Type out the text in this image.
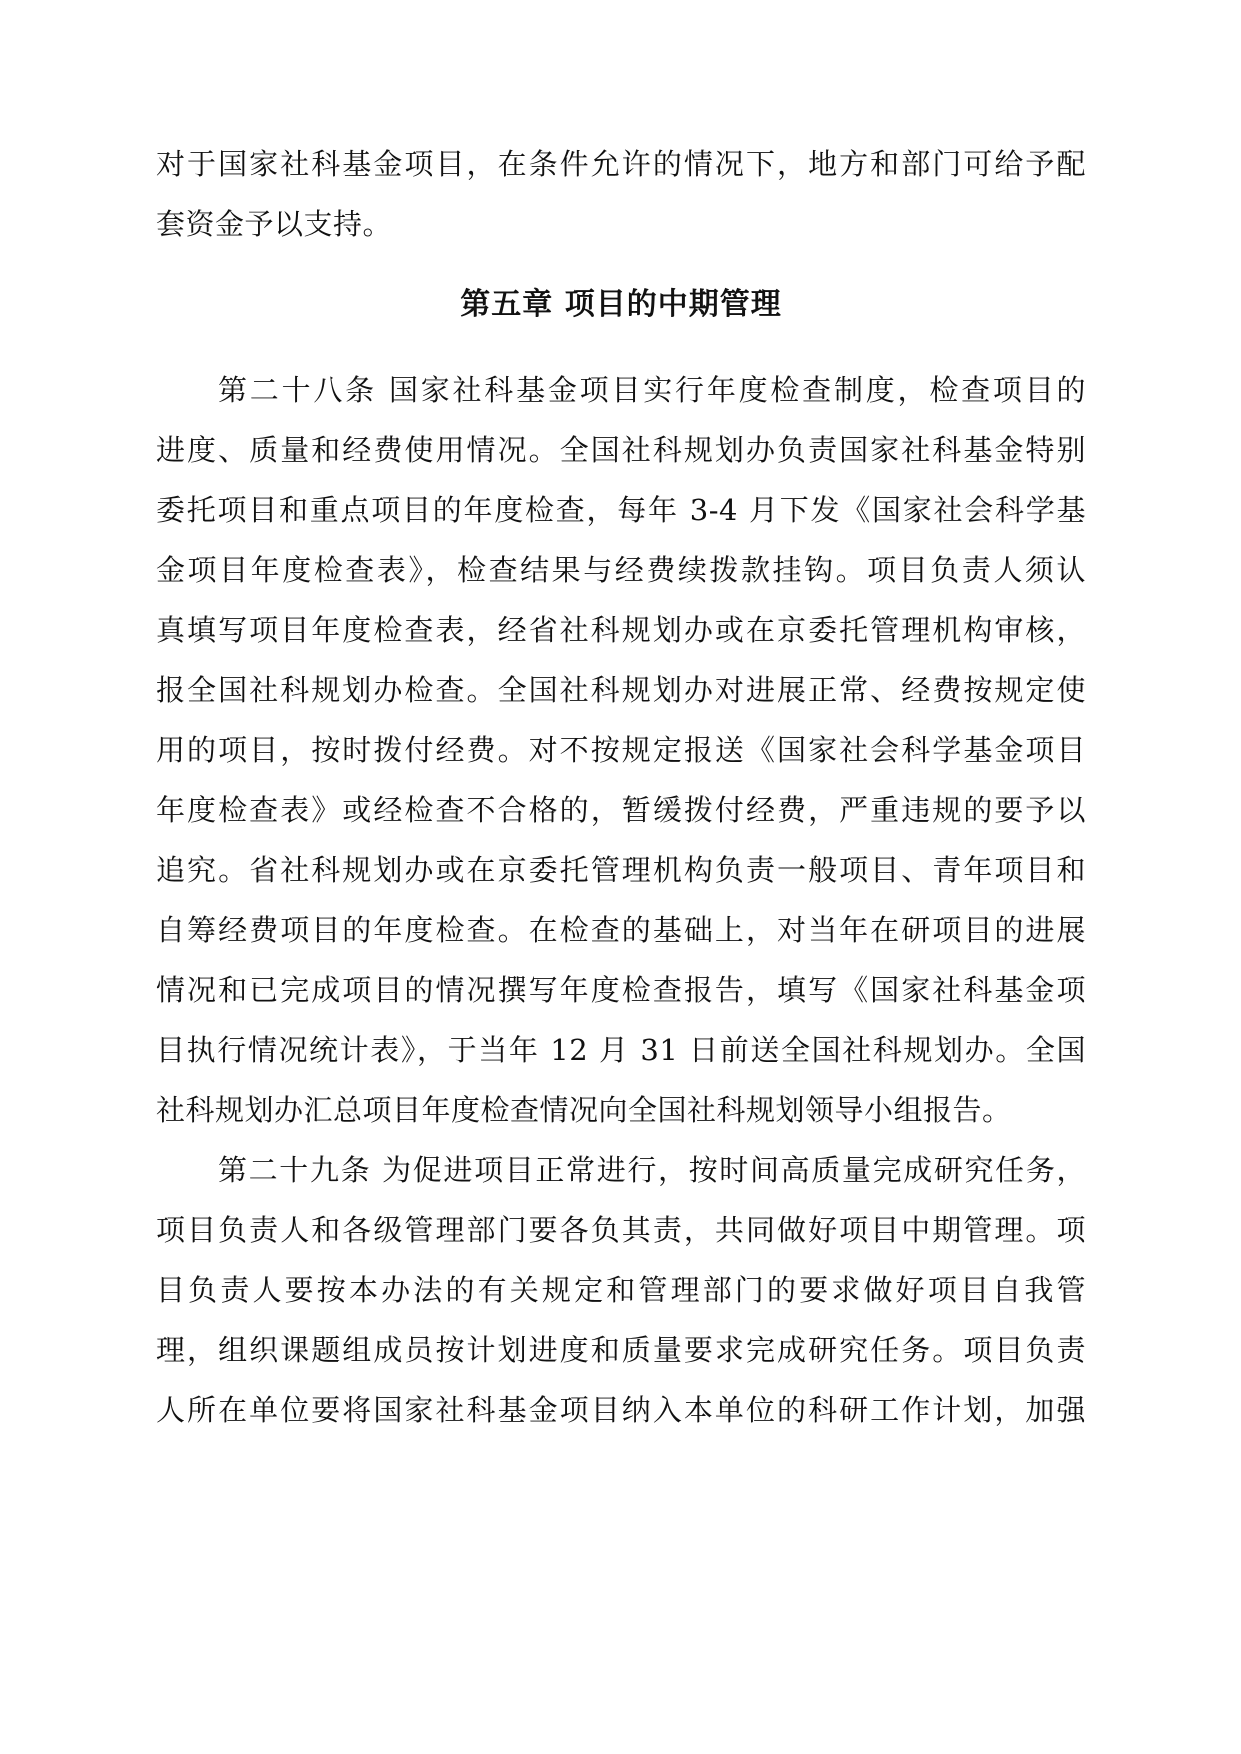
对于国家社科基金项目，在条件允许的情况下，地方和部门可给予配
套资金予以支持。
第五章 项目的中期管理
第二十八条 国家社科基金项目实行年度检查制度，检查项目的
进度、质量和经费使用情况。全国社科规划办负责国家社科基金特别
委托项目和重点项目的年度检查，每年 3-4 月下发《国家社会科学基
金项目年度检查表》，检查结果与经费续拨款挂钩。项目负责人须认
真填写项目年度检查表，经省社科规划办或在京委托管理机构审核，
报全国社科规划办检查。全国社科规划办对进展正常、经费按规定使
用的项目，按时拨付经费。对不按规定报送《国家社会科学基金项目
年度检查表》或经检查不合格的，暂缓拨付经费，严重违规的要予以
追究。省社科规划办或在京委托管理机构负责一般项目、青年项目和
自筹经费项目的年度检查。在检查的基础上，对当年在研项目的进展
情况和已完成项目的情况撰写年度检查报告，填写《国家社科基金项
目执行情况统计表》，于当年 12 月 31 日前送全国社科规划办。全国
社科规划办汇总项目年度检查情况向全国社科规划领导小组报告。
第二十九条 为促进项目正常进行，按时间高质量完成研究任务，
项目负责人和各级管理部门要各负其责，共同做好项目中期管理。项
目负责人要按本办法的有关规定和管理部门的要求做好项目自我管
理，组织课题组成员按计划进度和质量要求完成研究任务。项目负责
人所在单位要将国家社科基金项目纳入本单位的科研工作计划，加强
